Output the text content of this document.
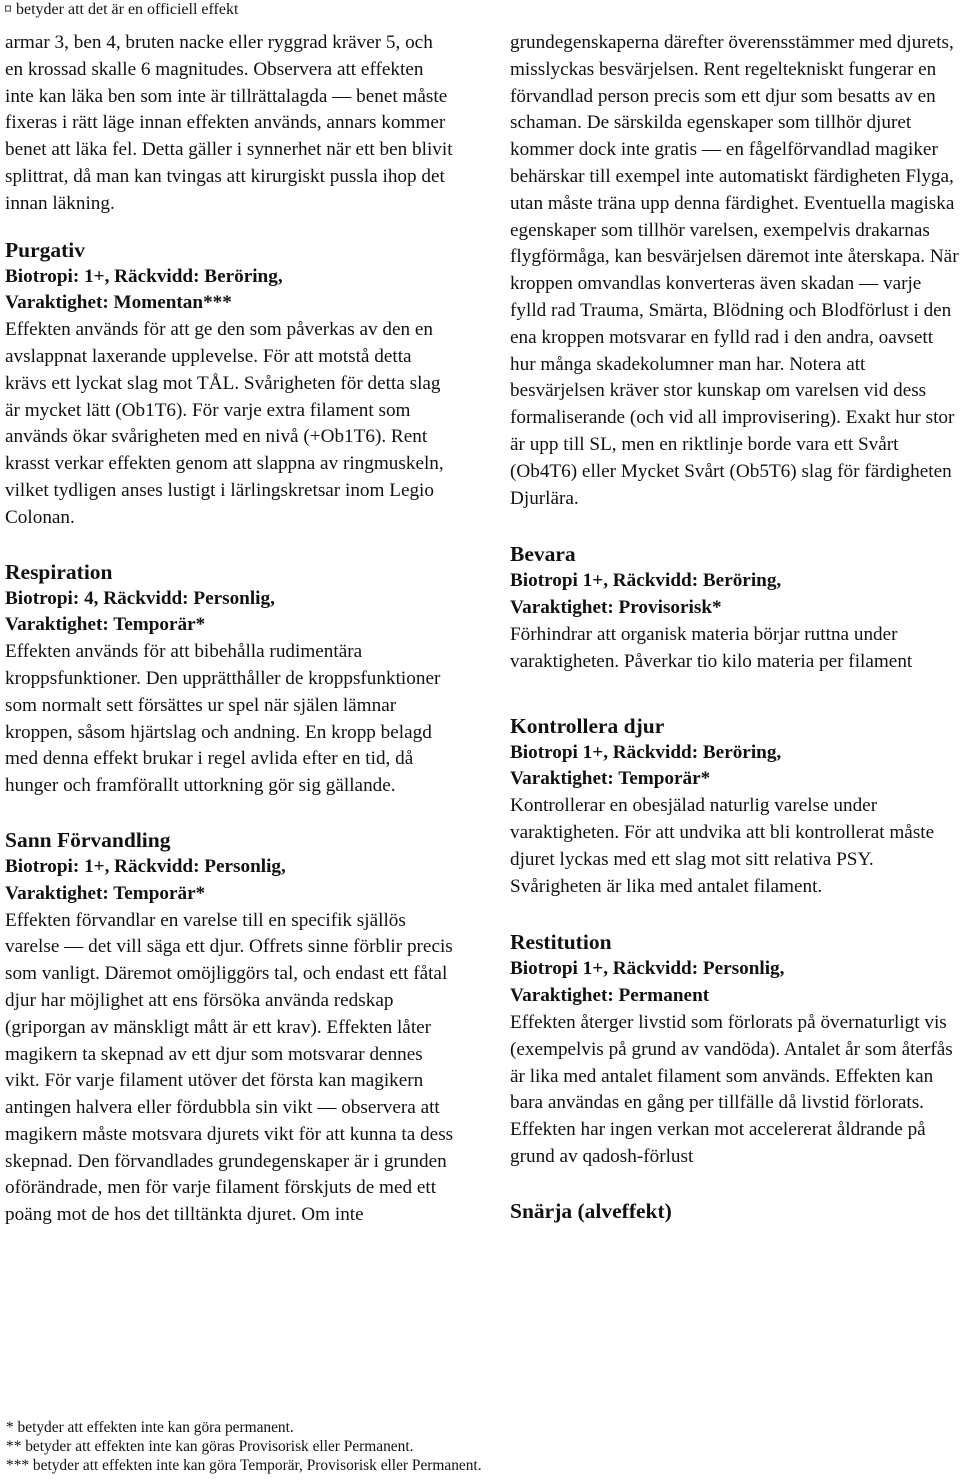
¤ betyder att det är en officiell effekt

armar 3, ben 4, bruten nacke eller ryggrad kräver 5, och en krossad skalle 6 magnitudes. Observera att effekten inte kan läka ben som inte är tillrättalagda — benet måste fixeras i rätt läge innan effekten används, annars kommer benet att läka fel. Detta gäller i synnerhet när ett ben blivit splittrat, då man kan tvingas att kirurgiskt pussla ihop det innan läkning.

Purgativ

Biotropi: 1+, Räckvidd: Beröring,

Varaktighet: Momentan***

Effekten används för att ge den som påverkas av den en avslappnat laxerande upplevelse. För att motstå detta krävs ett lyckat slag mot TÅL. Svårigheten för detta slag är mycket lätt (Ob1T6). För varje extra filament som används ökar svårigheten med en nivå (+Ob1T6). Rent krasst verkar effekten genom att slappna av ringmuskeln, vilket tydligen anses lustigt i lärlingskretsar inom Legio Colonan.

Respiration

Biotropi: 4, Räckvidd: Personlig,

Varaktighet: Temporär*

Effekten används för att bibehålla rudimentära kroppsfunktioner. Den upprätthåller de kroppsfunktioner som normalt sett försättes ur spel när själen lämnar kroppen, såsom hjärtslag och andning. En kropp belagd med denna effekt brukar i regel avlida efter en tid, då hunger och framförallt uttorkning gör sig gällande.

Sann Förvandling

Biotropi: 1+, Räckvidd: Personlig,

Varaktighet: Temporär*

Effekten förvandlar en varelse till en specifik själlös varelse — det vill säga ett djur. Offrets sinne förblir precis som vanligt. Däremot omöjliggörs tal, och endast ett fåtal djur har möjlighet att ens försöka använda redskap (griporgan av mänskligt mått är ett krav). Effekten låter magikern ta skepnad av ett djur som motsvarar dennes vikt. För varje filament utöver det första kan magikern antingen halvera eller fördubbla sin vikt — observera att magikern måste motsvara djurets vikt för att kunna ta dess skepnad. Den förvandlades grundegenskaper är i grunden oförändrade, men för varje filament förskjuts de med ett poäng mot de hos det tilltänkta djuret. Om inte

grundegenskaperna därefter överensstämmer med djurets, misslyckas besvärjelsen. Rent regeltekniskt fungerar en förvandlad person precis som ett djur som besatts av en schaman. De särskilda egenskaper som tillhör djuret kommer dock inte gratis — en fågelförvandlad magiker behärskar till exempel inte automatiskt färdigheten Flyga, utan måste träna upp denna färdighet. Eventuella magiska egenskaper som tillhör varelsen, exempelvis drakarnas flygförmåga, kan besvärjelsen däremot inte återskapa. När kroppen omvandlas konverteras även skadan — varje fylld rad Trauma, Smärta, Blödning och Blodförlust i den ena kroppen motsvarar en fylld rad i den andra, oavsett hur många skadekolumner man har. Notera att besvärjelsen kräver stor kunskap om varelsen vid dess formaliserande (och vid all improvisering). Exakt hur stor är upp till SL, men en riktlinje borde vara ett Svårt (Ob4T6) eller Mycket Svårt (Ob5T6) slag för färdigheten Djurlära.

Bevara

Biotropi 1+, Räckvidd: Beröring,

Varaktighet: Provisorisk*

Förhindrar att organisk materia börjar ruttna under varaktigheten. Påverkar tio kilo materia per filament

Kontrollera djur

Biotropi 1+, Räckvidd: Beröring,

Varaktighet: Temporär*

Kontrollerar en obesjälad naturlig varelse under varaktigheten. För att undvika att bli kontrollerat måste djuret lyckas med ett slag mot sitt relativa PSY. Svårigheten är lika med antalet filament.

Restitution

Biotropi 1+, Räckvidd: Personlig,

Varaktighet: Permanent

Effekten återger livstid som förlorats på övernaturligt vis (exempelvis på grund av vandöda). Antalet år som återfås är lika med antalet filament som används. Effekten kan bara användas en gång per tillfälle då livstid förlorats. Effekten har ingen verkan mot accelererat åldrande på grund av qadosh-förlust

Snärja (alveffekt)
* betyder att effekten inte kan göra permanent.
** betyder att effekten inte kan göras Provisorisk eller Permanent.
*** betyder att effekten inte kan göra Temporär, Provisorisk eller Permanent.
